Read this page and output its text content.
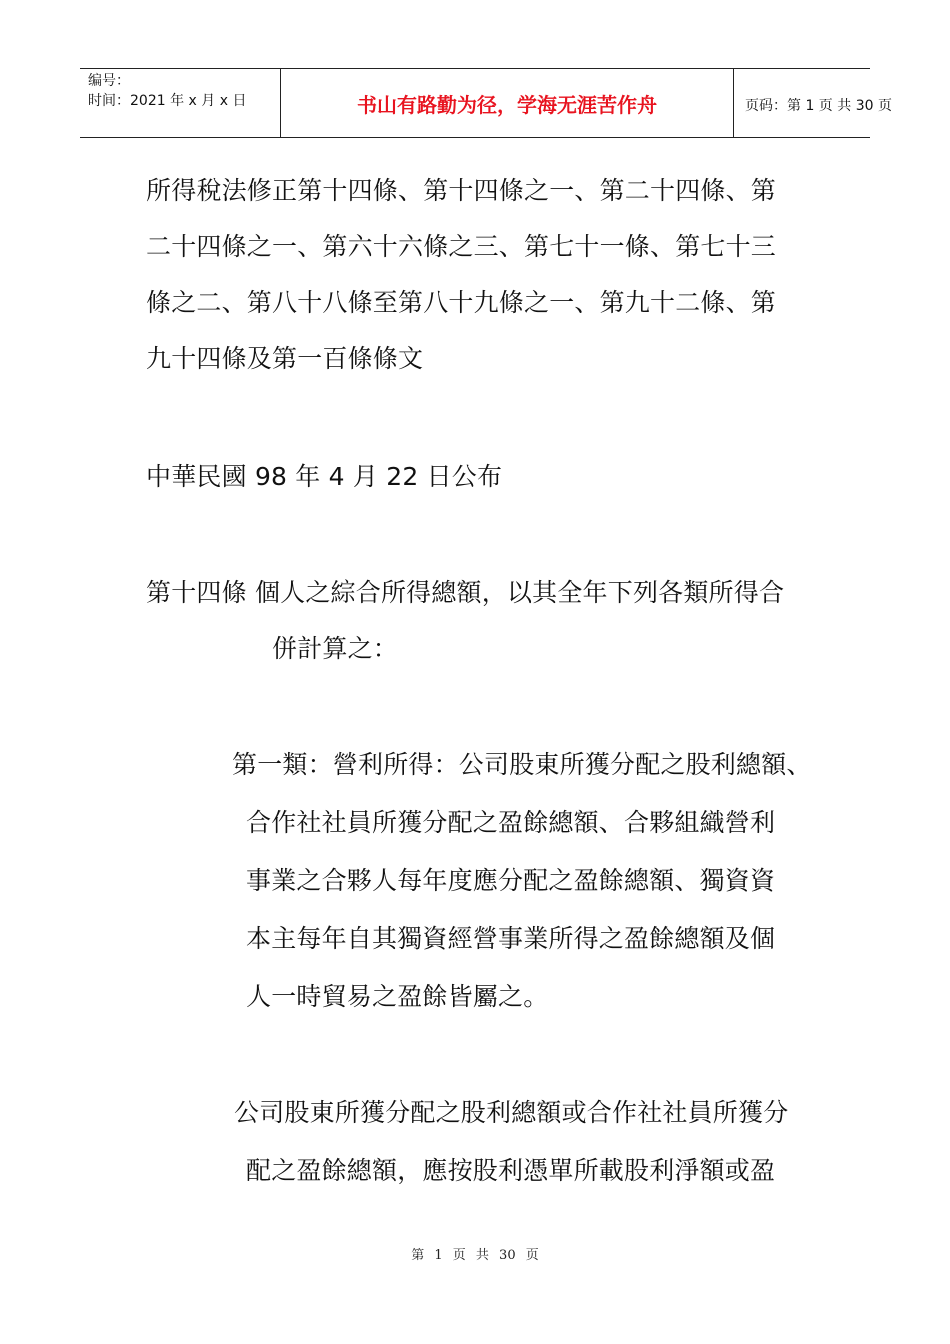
编号：
时间：2021 年 x 月 x 日	书山有路勤为径，学海无涯苦作舟	页码：第 1 页 共 30 页
所得稅法修正第十四條、第十四條之一、第二十四條、第
二十四條之一、第六十六條之三、第七十一條、第七十三
條之二、第八十八條至第八十九條之一、第九十二條、第
九十四條及第一百條條文
中華民國 98 年 4 月 22 日公布
第十四條 個人之綜合所得總額，以其全年下列各類所得合
併計算之：
第一類：營利所得：公司股東所獲分配之股利總額、
合作社社員所獲分配之盈餘總額、合夥組織營利
事業之合夥人每年度應分配之盈餘總額、獨資資
本主每年自其獨資經營事業所得之盈餘總額及個
人一時貿易之盈餘皆屬之。
公司股東所獲分配之股利總額或合作社社員所獲分
配之盈餘總額，應按股利憑單所載股利淨額或盈
第 1 页 共 30 页
